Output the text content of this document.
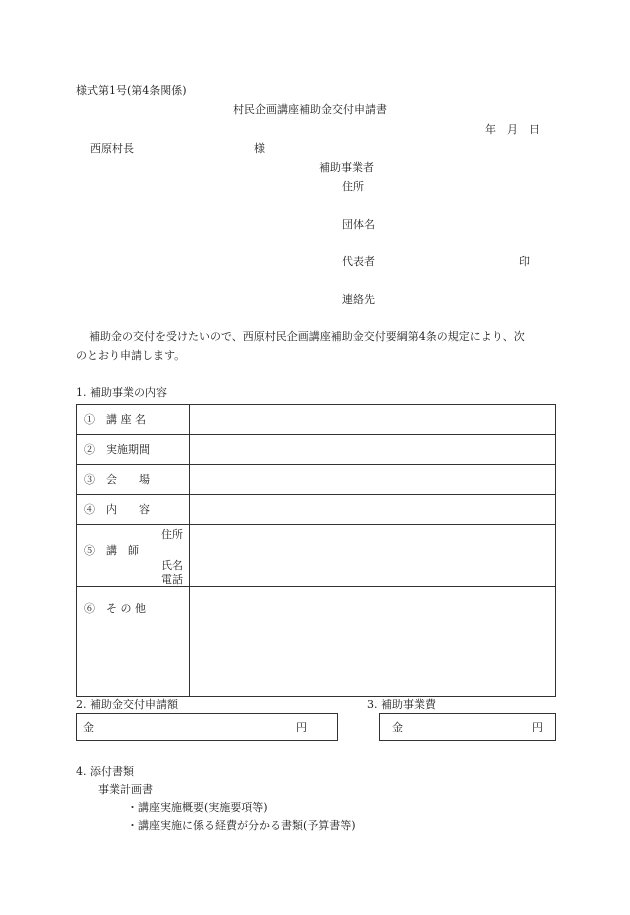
様式第1号(第4条関係)
村民企画講座補助金交付申請書
年　月　日
西原村長	様
補助事業者
住所
団体名
代表者	印
連絡先
補助金の交付を受けたいので、西原村民企画講座補助金交付要綱第4条の規定により、次
のとおり申請します。
1. 補助事業の内容
①　講 座 名	

②　実施期間	

③　会　　場	

④　内　　容	

住所
⑤　講　師
氏名
電話	

⑥　そ の 他	

2. 補助金交付申請額
金	円
3. 補助事業費
金	円
4. 添付書類
事業計画書
・講座実施概要(実施要項等)
・講座実施に係る経費が分かる書類(予算書等)
